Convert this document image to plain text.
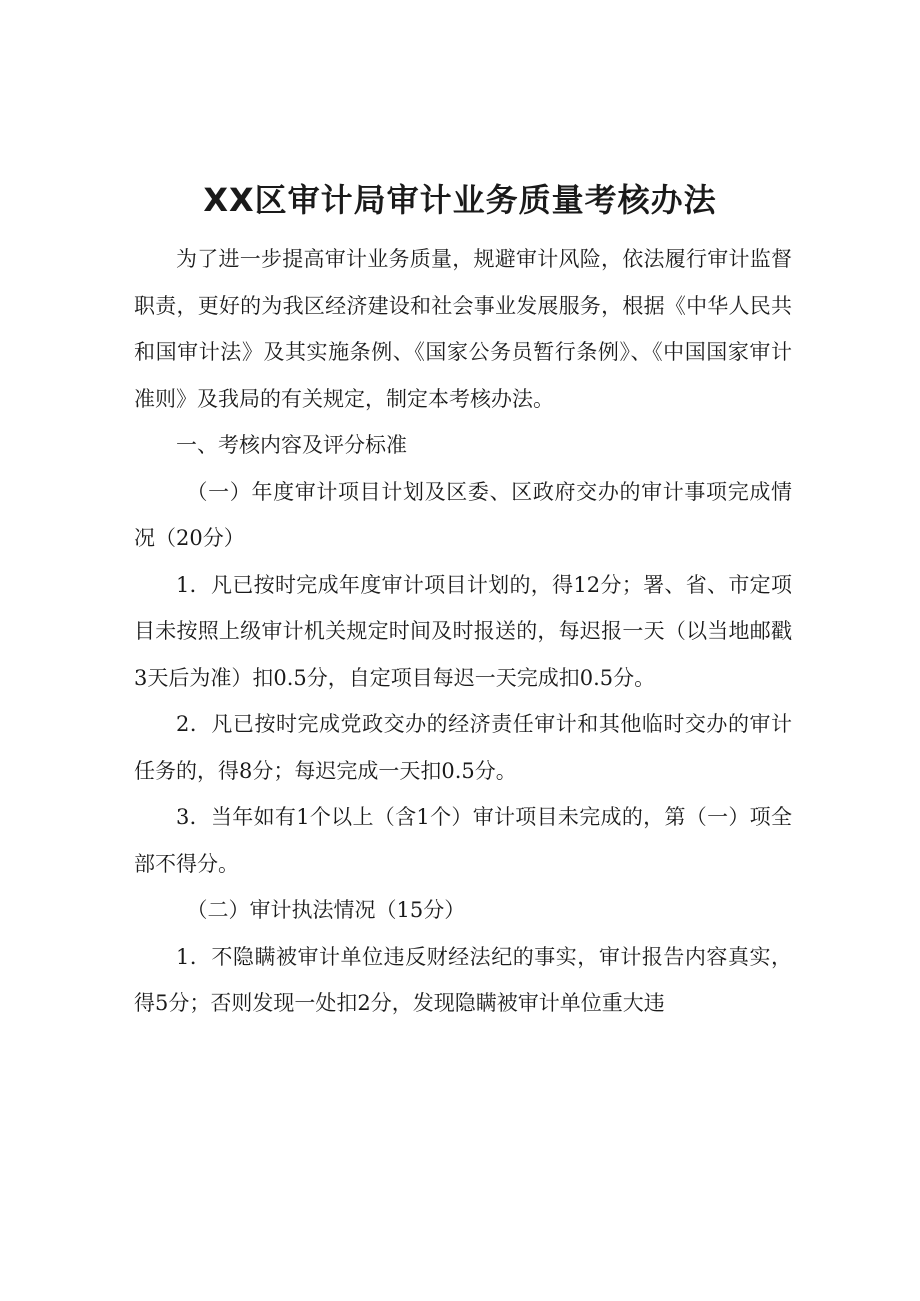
XX区审计局审计业务质量考核办法

为了进一步提高审计业务质量，规避审计风险，依法履行审计监督职责，更好的为我区经济建设和社会事业发展服务，根据《中华人民共和国审计法》及其实施条例、《国家公务员暂行条例》、《中国国家审计准则》及我局的有关规定，制定本考核办法。

一、考核内容及评分标准

（一）年度审计项目计划及区委、区政府交办的审计事项完成情况（20分）

1．凡已按时完成年度审计项目计划的，得12分；署、省、市定项目未按照上级审计机关规定时间及时报送的，每迟报一天（以当地邮戳3天后为准）扣0.5分，自定项目每迟一天完成扣0.5分。

2．凡已按时完成党政交办的经济责任审计和其他临时交办的审计任务的，得8分；每迟完成一天扣0.5分。

3．当年如有1个以上（含1个）审计项目未完成的，第（一）项全部不得分。

（二）审计执法情况（15分）

1．不隐瞒被审计单位违反财经法纪的事实，审计报告内容真实，得5分；否则发现一处扣2分，发现隐瞒被审计单位重大违
